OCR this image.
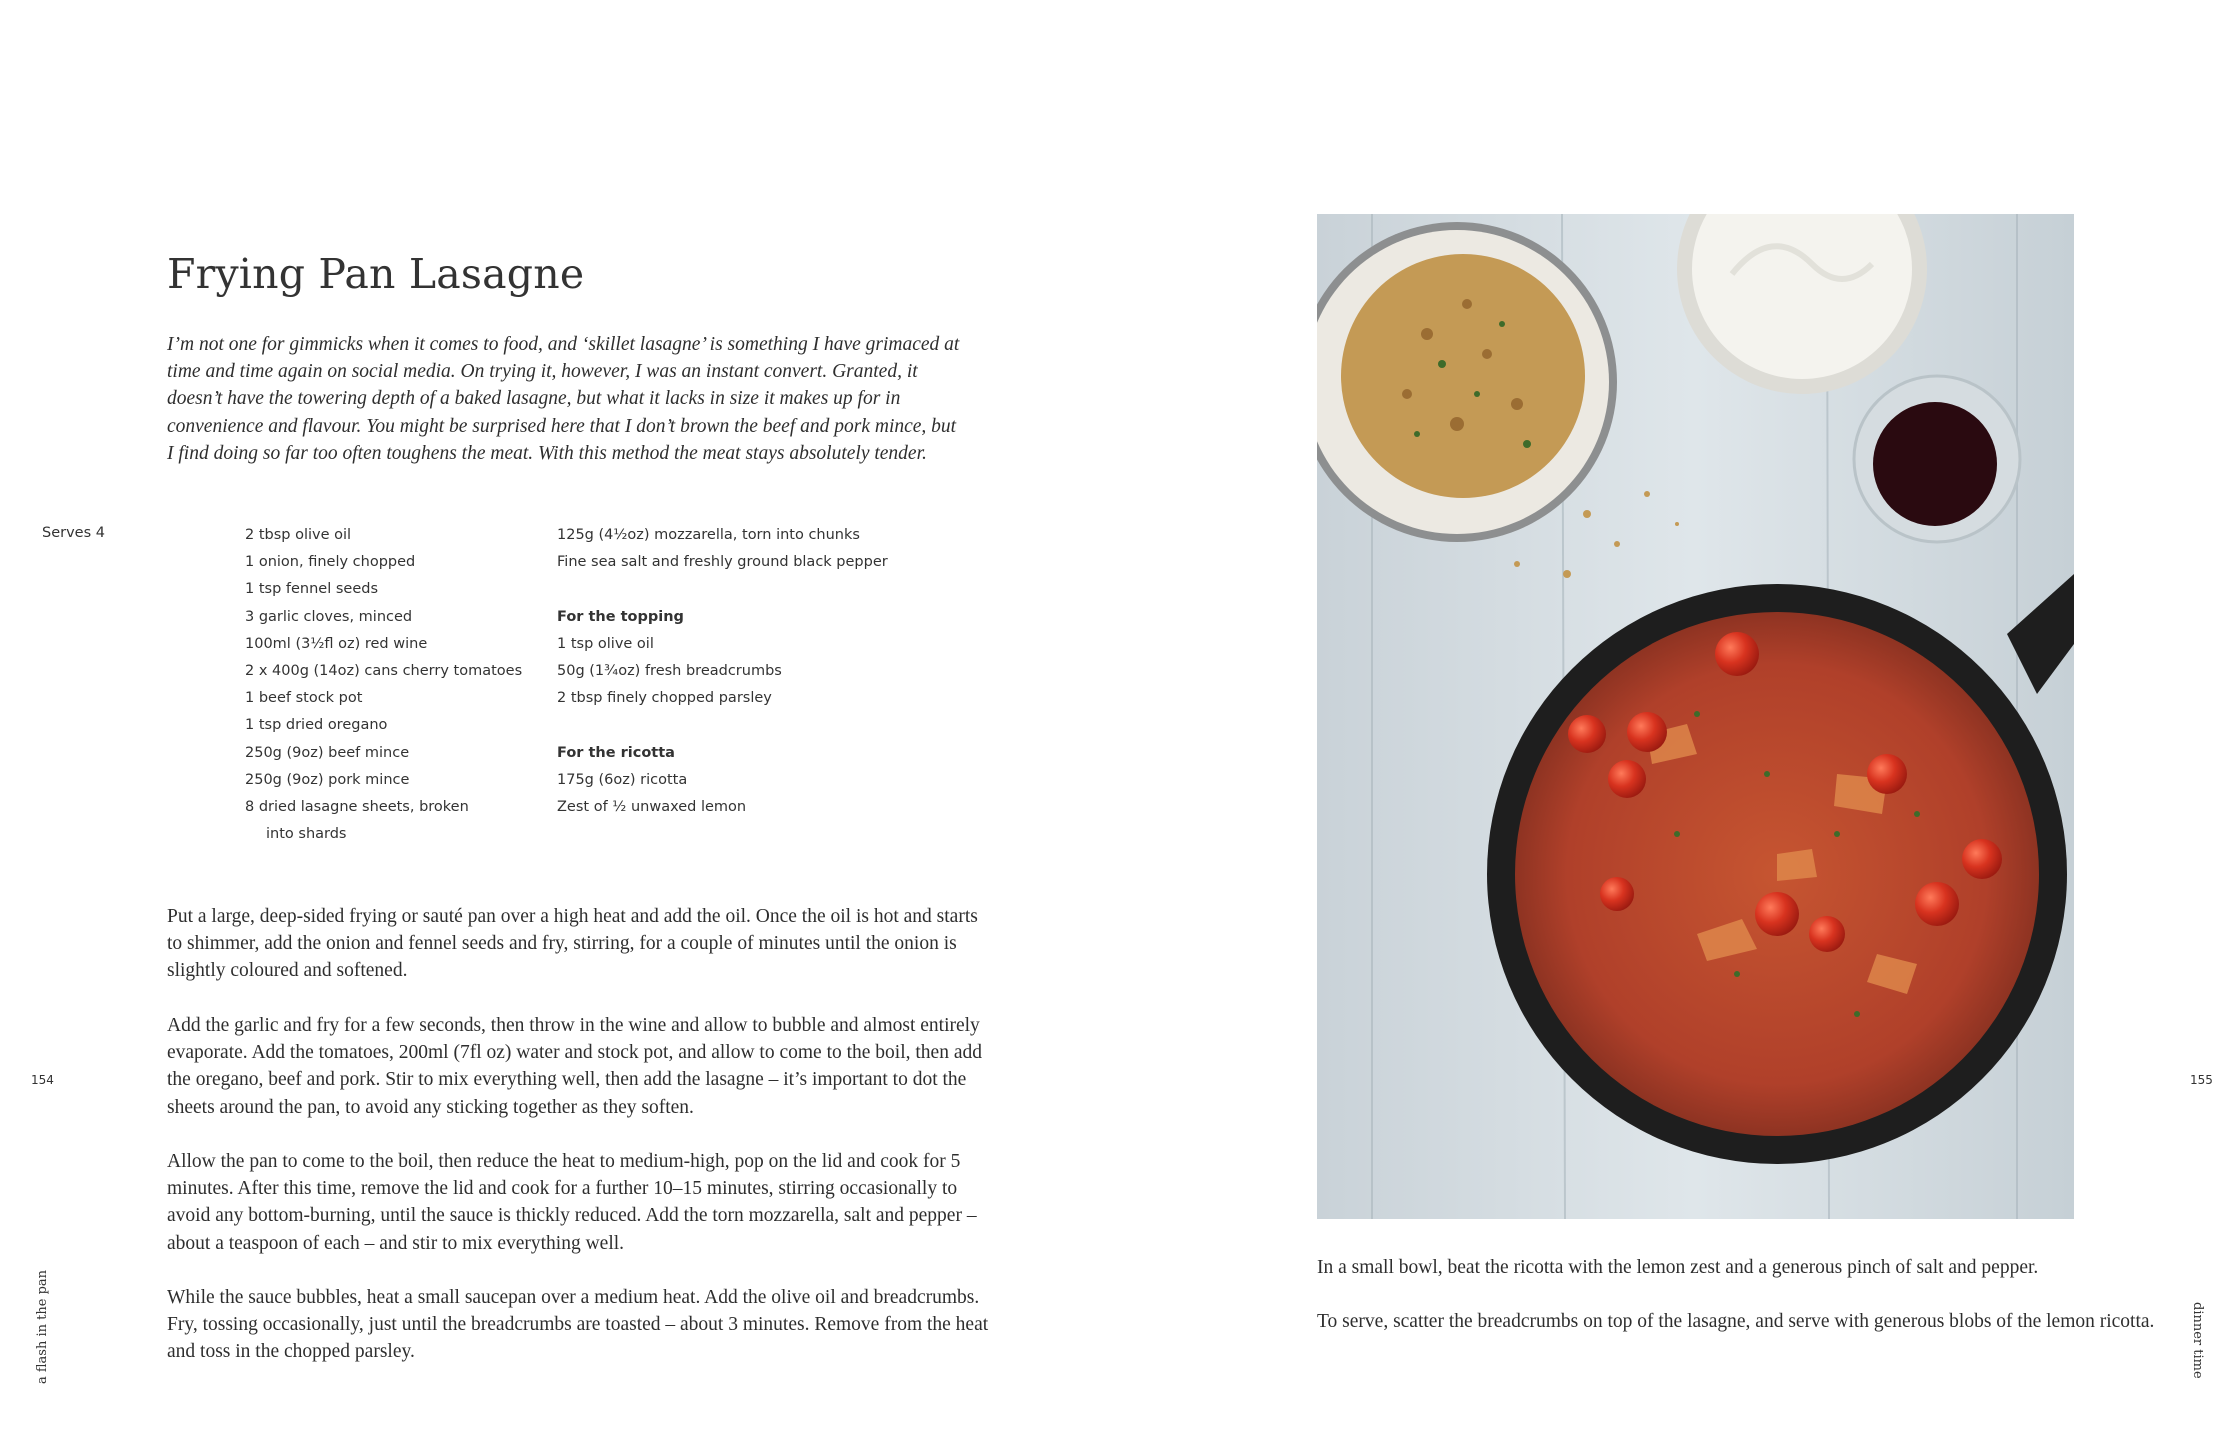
Frying Pan Lasagne

I’m not one for gimmicks when it comes to food, and ‘skillet lasagne’ is something I have grimaced at time and time again on social media. On trying it, however, I was an instant convert. Granted, it doesn’t have the towering depth of a baked lasagne, but what it lacks in size it makes up for in convenience and flavour. You might be surprised here that I don’t brown the beef and pork mince, but I find doing so far too often toughens the meat. With this method the meat stays absolutely tender.

Serves 4	2 tbsp olive oil
1 onion, finely chopped
1 tsp fennel seeds
3 garlic cloves, minced
100ml (3½fl oz) red wine
2 x 400g (14oz) cans cherry tomatoes
1 beef stock pot
1 tsp dried oregano
250g (9oz) beef mince
250g (9oz) pork mince
8 dried lasagne sheets, broken
into shards
125g (4½oz) mozzarella, torn into chunks
Fine sea salt and freshly ground black pepper
For the topping
1 tsp olive oil
50g (1¾oz) fresh breadcrumbs
2 tbsp finely chopped parsley
For the ricotta
175g (6oz) ricotta
Zest of ½ unwaxed lemon

Put a large, deep-sided frying or sauté pan over a high heat and add the oil. Once the oil is hot and starts to shimmer, add the onion and fennel seeds and fry, stirring, for a couple of minutes until the onion is slightly coloured and softened.

Add the garlic and fry for a few seconds, then throw in the wine and allow to bubble and almost entirely evaporate. Add the tomatoes, 200ml (7fl oz) water and stock pot, and allow to come to the boil, then add the oregano, beef and pork. Stir to mix everything well, then add the lasagne – it’s important to dot the sheets around the pan, to avoid any sticking together as they soften.

Allow the pan to come to the boil, then reduce the heat to medium-high, pop on the lid and cook for 5 minutes. After this time, remove the lid and cook for a further 10–15 minutes, stirring occasionally to avoid any bottom-burning, until the sauce is thickly reduced. Add the torn mozzarella, salt and pepper – about a teaspoon of each – and stir to mix everything well.

While the sauce bubbles, heat a small saucepan over a medium heat. Add the olive oil and breadcrumbs. Fry, tossing occasionally, just until the breadcrumbs are toasted – about 3 minutes. Remove from the heat and toss in the chopped parsley.

In a small bowl, beat the ricotta with the lemon zest and a generous pinch of salt and pepper.

To serve, scatter the breadcrumbs on top of the lasagne, and serve with generous blobs of the lemon ricotta.

154	155
a flash in the pan	dinner time
